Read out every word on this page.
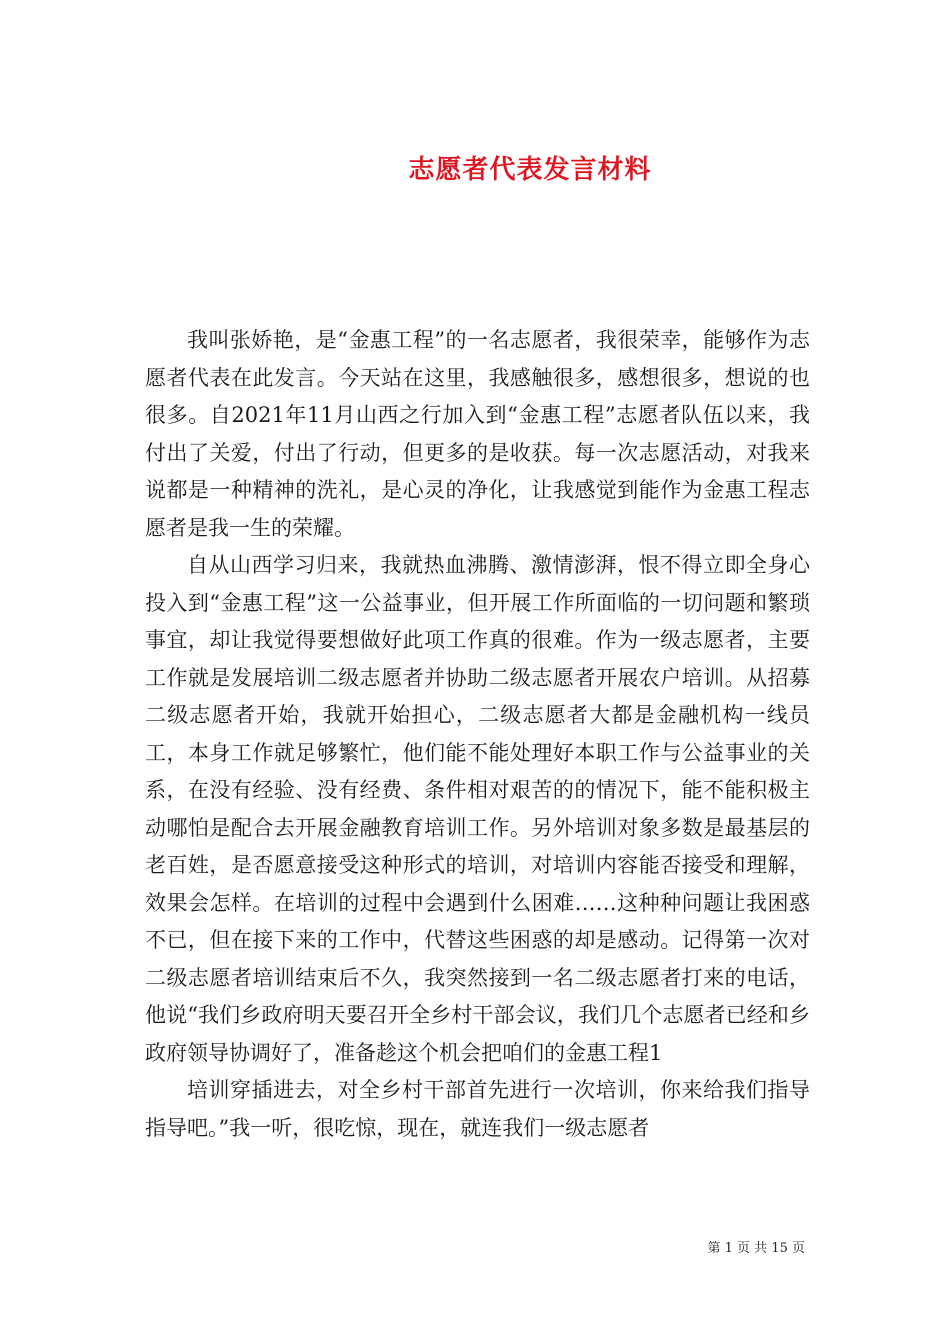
志愿者代表发言材料

我叫张娇艳，是“金惠工程”的一名志愿者，我很荣幸，能够作为志愿者代表在此发言。今天站在这里，我感触很多，感想很多，想说的也很多。自2021年11月山西之行加入到“金惠工程”志愿者队伍以来，我付出了关爱，付出了行动，但更多的是收获。每一次志愿活动，对我来说都是一种精神的洗礼，是心灵的净化，让我感觉到能作为金惠工程志愿者是我一生的荣耀。

自从山西学习归来，我就热血沸腾、激情澎湃，恨不得立即全身心投入到“金惠工程”这一公益事业，但开展工作所面临的一切问题和繁琐事宜，却让我觉得要想做好此项工作真的很难。作为一级志愿者，主要工作就是发展培训二级志愿者并协助二级志愿者开展农户培训。从招募二级志愿者开始，我就开始担心，二级志愿者大都是金融机构一线员工，本身工作就足够繁忙，他们能不能处理好本职工作与公益事业的关系，在没有经验、没有经费、条件相对艰苦的的情况下，能不能积极主动哪怕是配合去开展金融教育培训工作。另外培训对象多数是最基层的老百姓，是否愿意接受这种形式的培训，对培训内容能否接受和理解，效果会怎样。在培训的过程中会遇到什么困难……这种种问题让我困惑不已，但在接下来的工作中，代替这些困惑的却是感动。记得第一次对二级志愿者培训结束后不久，我突然接到一名二级志愿者打来的电话，他说“我们乡政府明天要召开全乡村干部会议，我们几个志愿者已经和乡政府领导协调好了，准备趁这个机会把咱们的金惠工程1

培训穿插进去，对全乡村干部首先进行一次培训，你来给我们指导指导吧。”我一听，很吃惊，现在，就连我们一级志愿者

第 1 页 共 15 页
